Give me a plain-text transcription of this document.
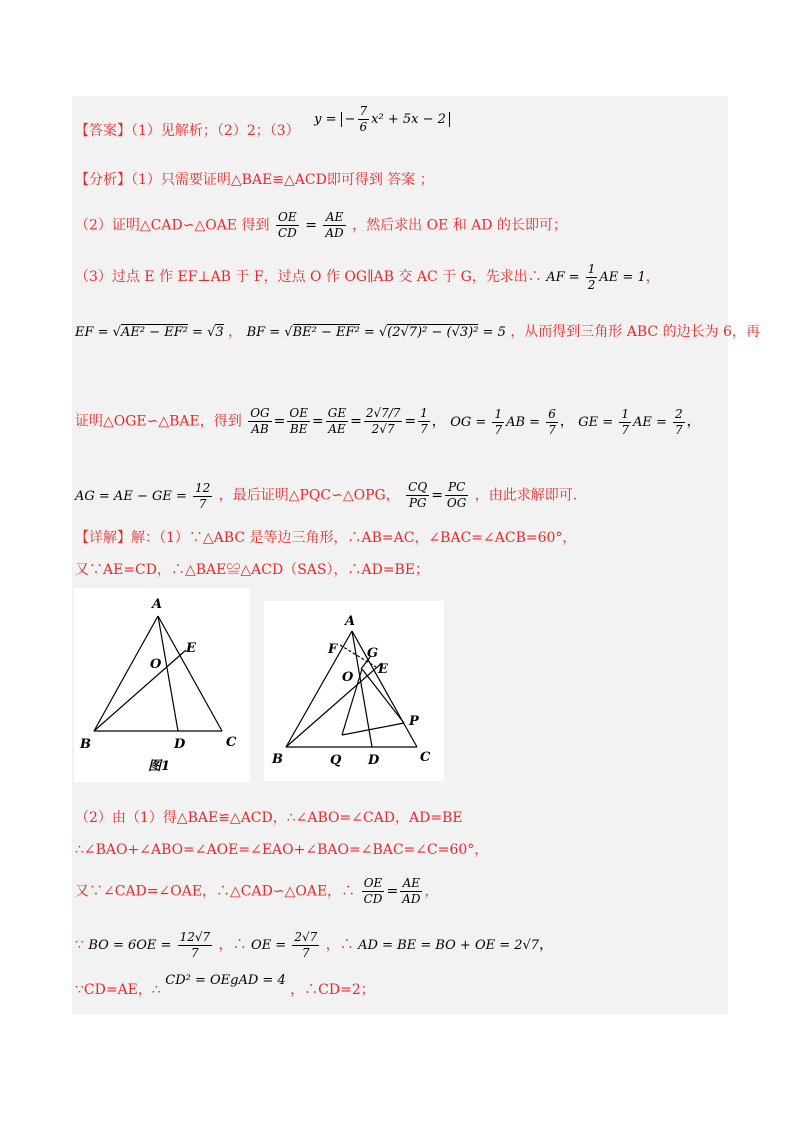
【答案】（1）见解析；（2）2；（3） y = − $\frac{7}{6} x^2 + 5x - 2$
【分析】（1）只需要证明△BAE≌△ACD即可得到 答案 ；
（2）证明△CAD∽△OAE 得到 $\frac{OE}{CD} = \frac{AE}{AD}$ ，然后求出 OE 和 AD 的长即可；
（3）过点 E 作 EF⊥AB 于 F，过点 O 作 OG∥AB 交 AC 于 G，先求出∴ AF = $\frac{1}{2}$ AE = 1，
EF = √AE² − EF² = √3 ， BF = √BE² − EF² = √(2√7)² − (√3)² = 5 ，从而得到三角形 ABC 的边长为 6，再
证明△OGE∽△BAE，得到 $\frac{OG}{AB} = \frac{OE}{BE} = \frac{GE}{AE} = \frac{2√7/7}{2√7} = \frac{1}{7}$ ， OG = $\frac{1}{7}$ AB = $\frac{6}{7}$ ， GE = $\frac{1}{7}$ AE = $\frac{2}{7}$ ，
AG = AE − GE = $\frac{12}{7}$ ，最后证明△PQC∽△OPG， $\frac{CQ}{PG} = \frac{PC}{OG}$ ，由此求解即可.
【详解】解：（1）∵△ABC 是等边三角形，∴AB=AC，∠BAC=∠ACB=60°，
又∵AE=CD，∴△BAE≌△ACD（SAS），∴AD=BE；
A
B	C
D
E
O
图1
A
B	C
D
E
F G
O
P
Q
（2）由（1）得△BAE≌△ACD，∴∠ABO=∠CAD，AD=BE
∴∠BAO+∠ABO=∠AOE=∠EAO+∠BAO=∠BAC=∠C=60°，
又∵∠CAD=∠OAE，∴△CAD∽△OAE，∴ $\frac{OE}{CD} = \frac{AE}{AD}$ ，
∵ BO = $6OE = \frac{12√7}{7}$ ，∴ OE = $\frac{2√7}{7}$ ，∴ AD = BE = BO + OE = 2√7，
∵CD=AE，∴ CD² = OEgAD = 4 ，∴CD=2；
